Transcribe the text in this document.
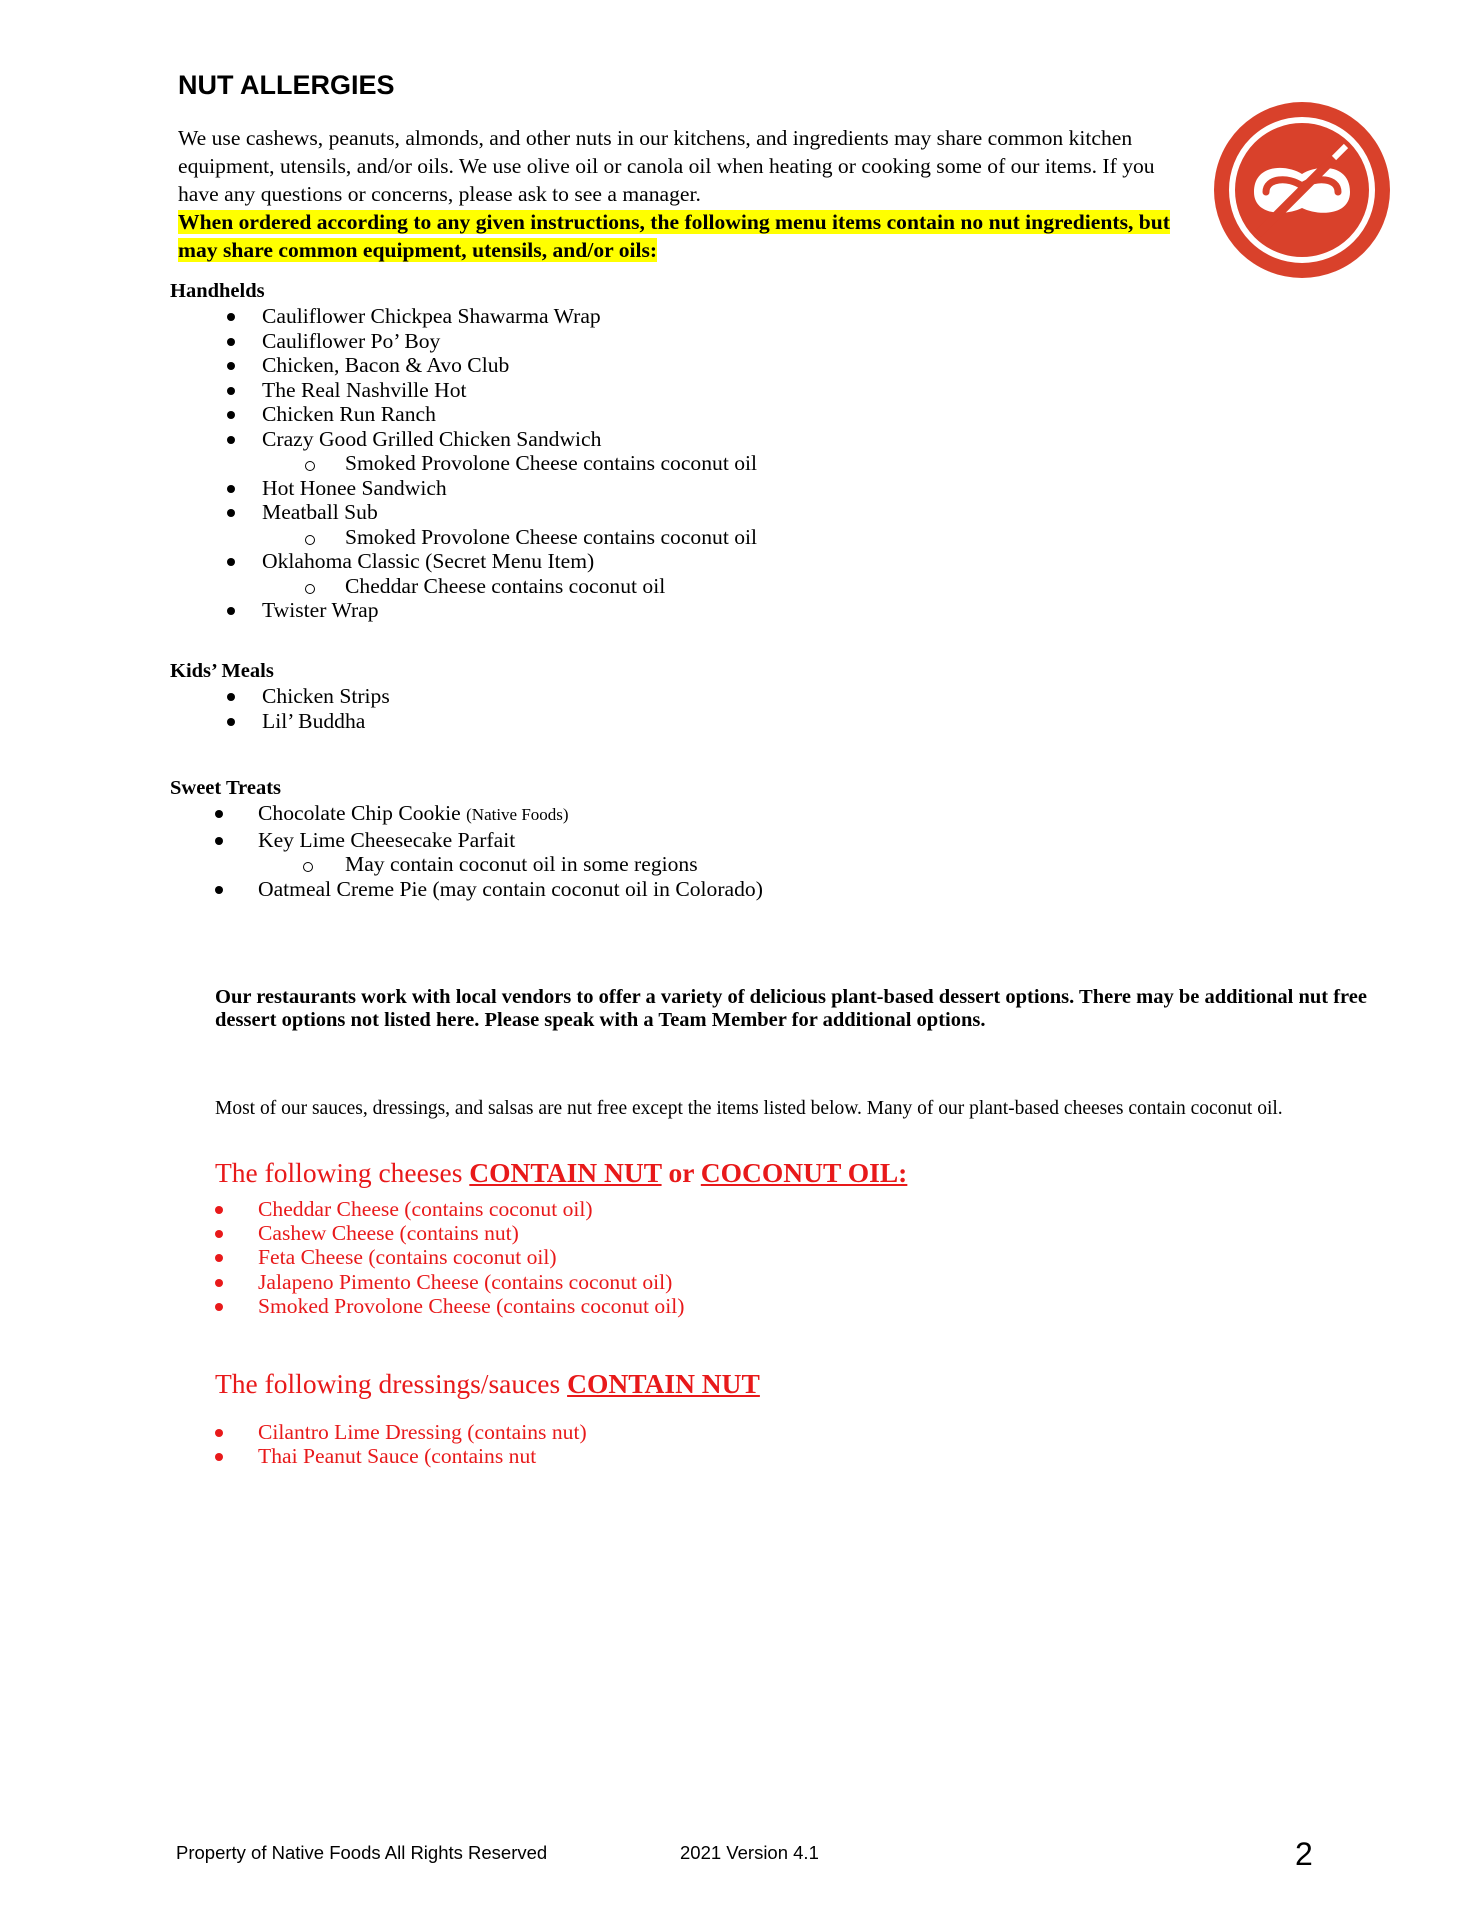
NUT ALLERGIES

We use cashews, peanuts, almonds, and other nuts in our kitchens, and ingredients may share common kitchen equipment, utensils, and/or oils. We use olive oil or canola oil when heating or cooking some of our items. If you have any questions or concerns, please ask to see a manager.

When ordered according to any given instructions, the following menu items contain no nut ingredients, but may share common equipment, utensils, and/or oils:

Handhelds
Cauliflower Chickpea Shawarma Wrap
Cauliflower Po’ Boy
Chicken, Bacon & Avo Club
The Real Nashville Hot
Chicken Run Ranch
Crazy Good Grilled Chicken Sandwich
Smoked Provolone Cheese contains coconut oil
Hot Honee Sandwich
Meatball Sub
Smoked Provolone Cheese contains coconut oil
Oklahoma Classic (Secret Menu Item)
Cheddar Cheese contains coconut oil
Twister Wrap
Kids’ Meals
Chicken Strips
Lil’ Buddha
Sweet Treats
Chocolate Chip Cookie (Native Foods)
Key Lime Cheesecake Parfait
May contain coconut oil in some regions
Oatmeal Creme Pie (may contain coconut oil in Colorado)

Our restaurants work with local vendors to offer a variety of delicious plant-based dessert options. There may be additional nut free dessert options not listed here. Please speak with a Team Member for additional options.

Most of our sauces, dressings, and salsas are nut free except the items listed below. Many of our plant-based cheeses contain coconut oil.

The following cheeses CONTAIN NUT or COCONUT OIL:
Cheddar Cheese (contains coconut oil)
Cashew Cheese (contains nut)
Feta Cheese (contains coconut oil)
Jalapeno Pimento Cheese (contains coconut oil)
Smoked Provolone Cheese (contains coconut oil)
The following dressings/sauces CONTAIN NUT
Cilantro Lime Dressing (contains nut)
Thai Peanut Sauce (contains nut

Property of Native Foods All Rights Reserved	2021 Version 4.1	2
